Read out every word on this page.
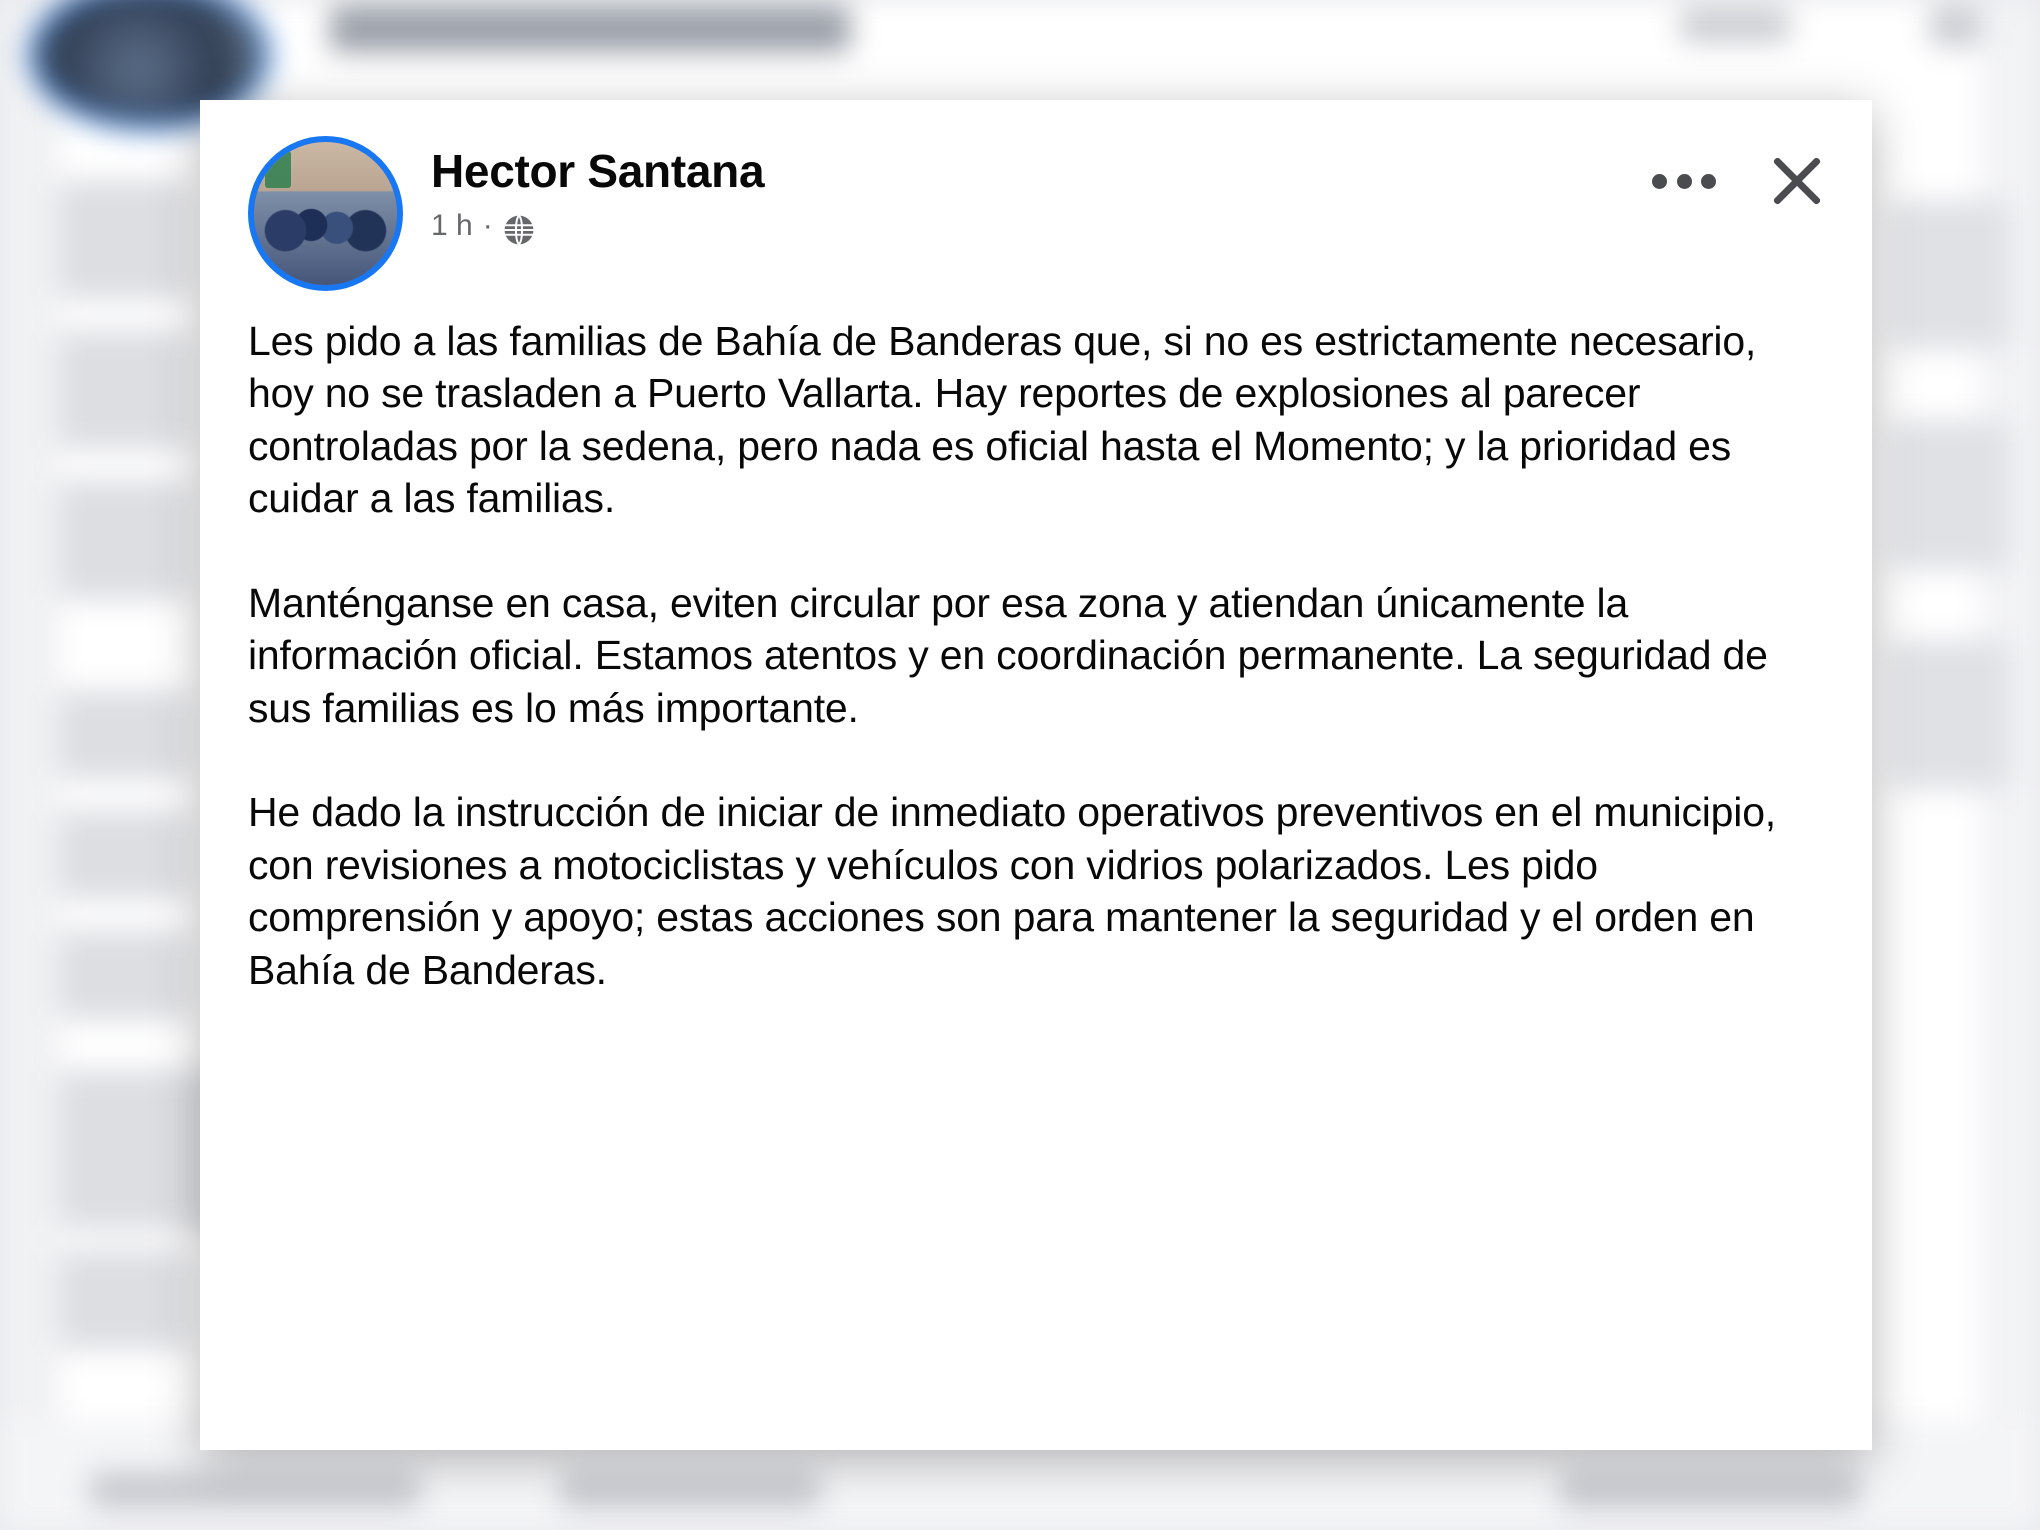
Hector Santana
1 h ·

Les pido a las familias de Bahía de Banderas que, si no es estrictamente necesario, hoy no se trasladen a Puerto Vallarta. Hay reportes de explosiones al parecer controladas por la sedena, pero nada es oficial hasta el Momento; y la prioridad es cuidar a las familias.

Manténganse en casa, eviten circular por esa zona y atiendan únicamente la información oficial. Estamos atentos y en coordinación permanente. La seguridad de sus familias es lo más importante.

He dado la instrucción de iniciar de inmediato operativos preventivos en el municipio, con revisiones a motociclistas y vehículos con vidrios polarizados. Les pido comprensión y apoyo; estas acciones son para mantener la seguridad y el orden en Bahía de Banderas.
